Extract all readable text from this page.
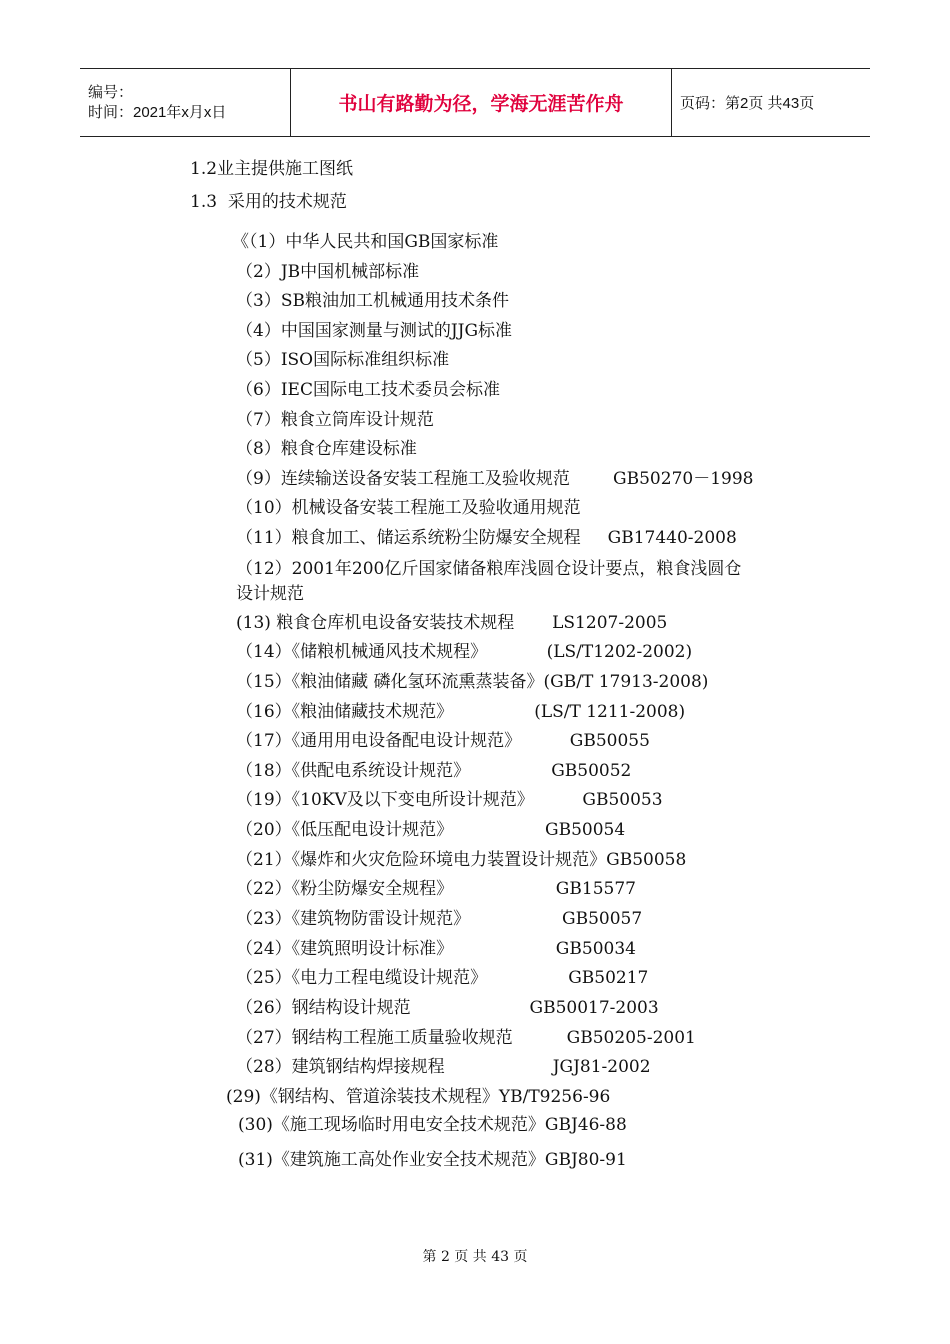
编号：
时间：2021年x月x日	书山有路勤为径，学海无涯苦作舟	页码：第2页 共43页
1.2业主提供施工图纸
1.3  采用的技术规范
《（1）中华人民共和国GB国家标准
（2）JB中国机械部标准
（3）SB粮油加工机械通用技术条件
（4）中国国家测量与测试的JJG标准
（5）ISO国际标准组织标准
（6）IEC国际电工技术委员会标准
（7）粮食立筒库设计规范
（8）粮食仓库建设标准
（9）连续输送设备安装工程施工及验收规范        GB50270－1998
（10）机械设备安装工程施工及验收通用规范
（11）粮食加工、储运系统粉尘防爆安全规程     GB17440-2008
（12）2001年200亿斤国家储备粮库浅圆仓设计要点，粮食浅圆仓
设计规范
(13) 粮食仓库机电设备安装技术规程       LS1207-2005
（14）《储粮机械通风技术规程》           (LS/T1202-2002)
（15）《粮油储藏 磷化氢环流熏蒸装备》(GB/T 17913-2008)
（16）《粮油储藏技术规范》               (LS/T 1211-2008)
（17）《通用用电设备配电设计规范》         GB50055
（18）《供配电系统设计规范》               GB50052
（19）《10KV及以下变电所设计规范》         GB50053
（20）《低压配电设计规范》                 GB50054
（21）《爆炸和火灾危险环境电力装置设计规范》GB50058
（22）《粉尘防爆安全规程》                   GB15577
（23）《建筑物防雷设计规范》                 GB50057
（24）《建筑照明设计标准》                   GB50034
（25）《电力工程电缆设计规范》               GB50217
（26）钢结构设计规范                      GB50017-2003
（27）钢结构工程施工质量验收规范          GB50205-2001
（28）建筑钢结构焊接规程                    JGJ81-2002
(29)《钢结构、管道涂装技术规程》YB/T9256-96
(30)《施工现场临时用电安全技术规范》GBJ46-88
(31)《建筑施工高处作业安全技术规范》GBJ80-91
第 2 页 共 43 页
